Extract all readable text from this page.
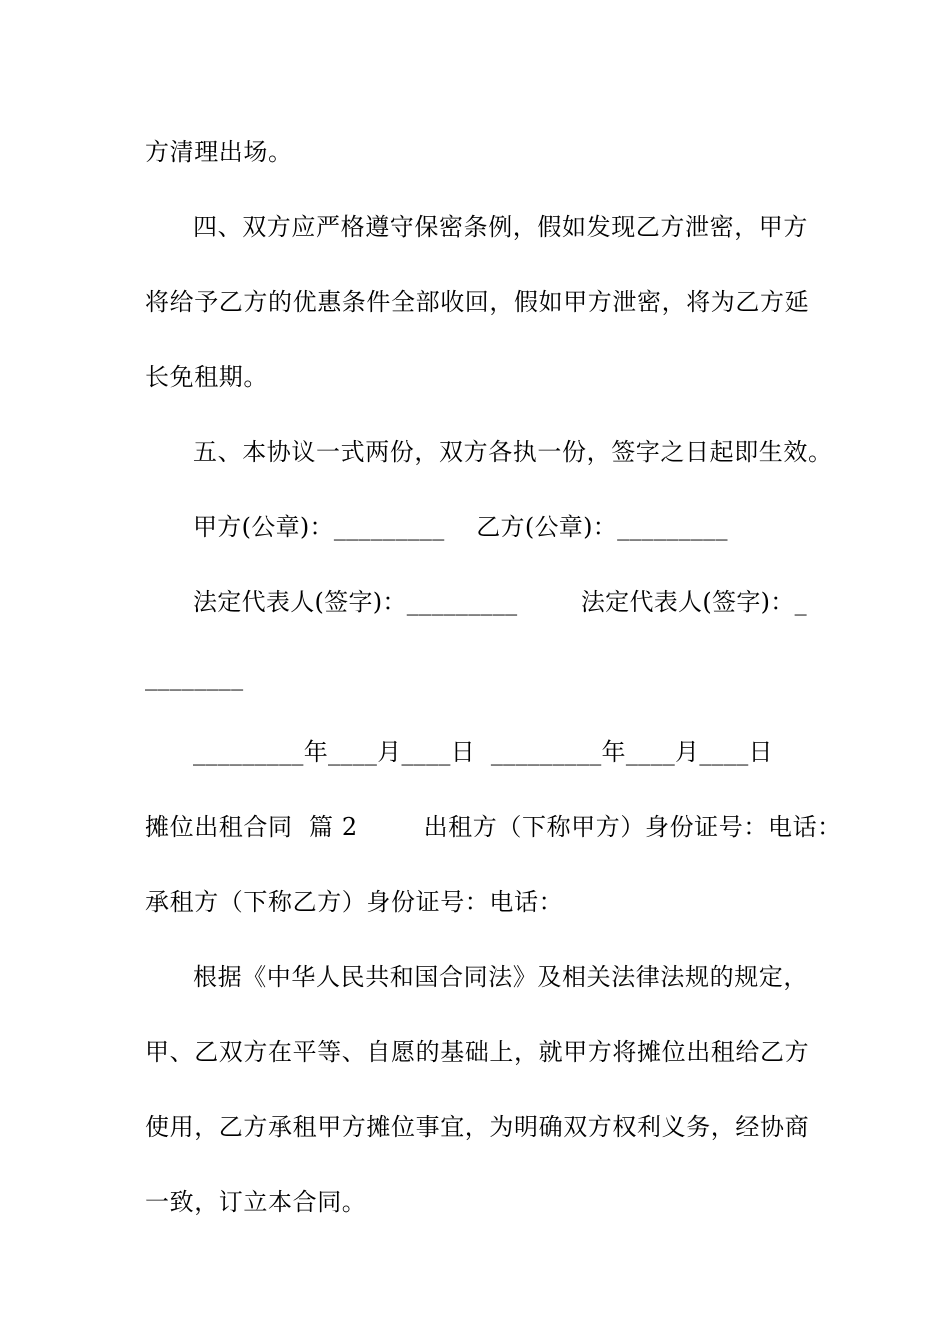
方清理出场。
四、双方应严格遵守保密条例，假如发现乙方泄密，甲方
将给予乙方的优惠条件全部收回，假如甲方泄密，将为乙方延
长免租期。
五、本协议一式两份，双方各执一份，签字之日起即生效。
甲方(公章)：_________    乙方(公章)：_________
法定代表人(签字)：_________        法定代表人(签字)：_
________
_________年____月____日  _________年____月____日
摊位出租合同  篇 2        出租方（下称甲方）身份证号：电话：
承租方（下称乙方）身份证号：电话：
根据《中华人民共和国合同法》及相关法律法规的规定，
甲、乙双方在平等、自愿的基础上，就甲方将摊位出租给乙方
使用，乙方承租甲方摊位事宜，为明确双方权利义务，经协商
一致，订立本合同。
